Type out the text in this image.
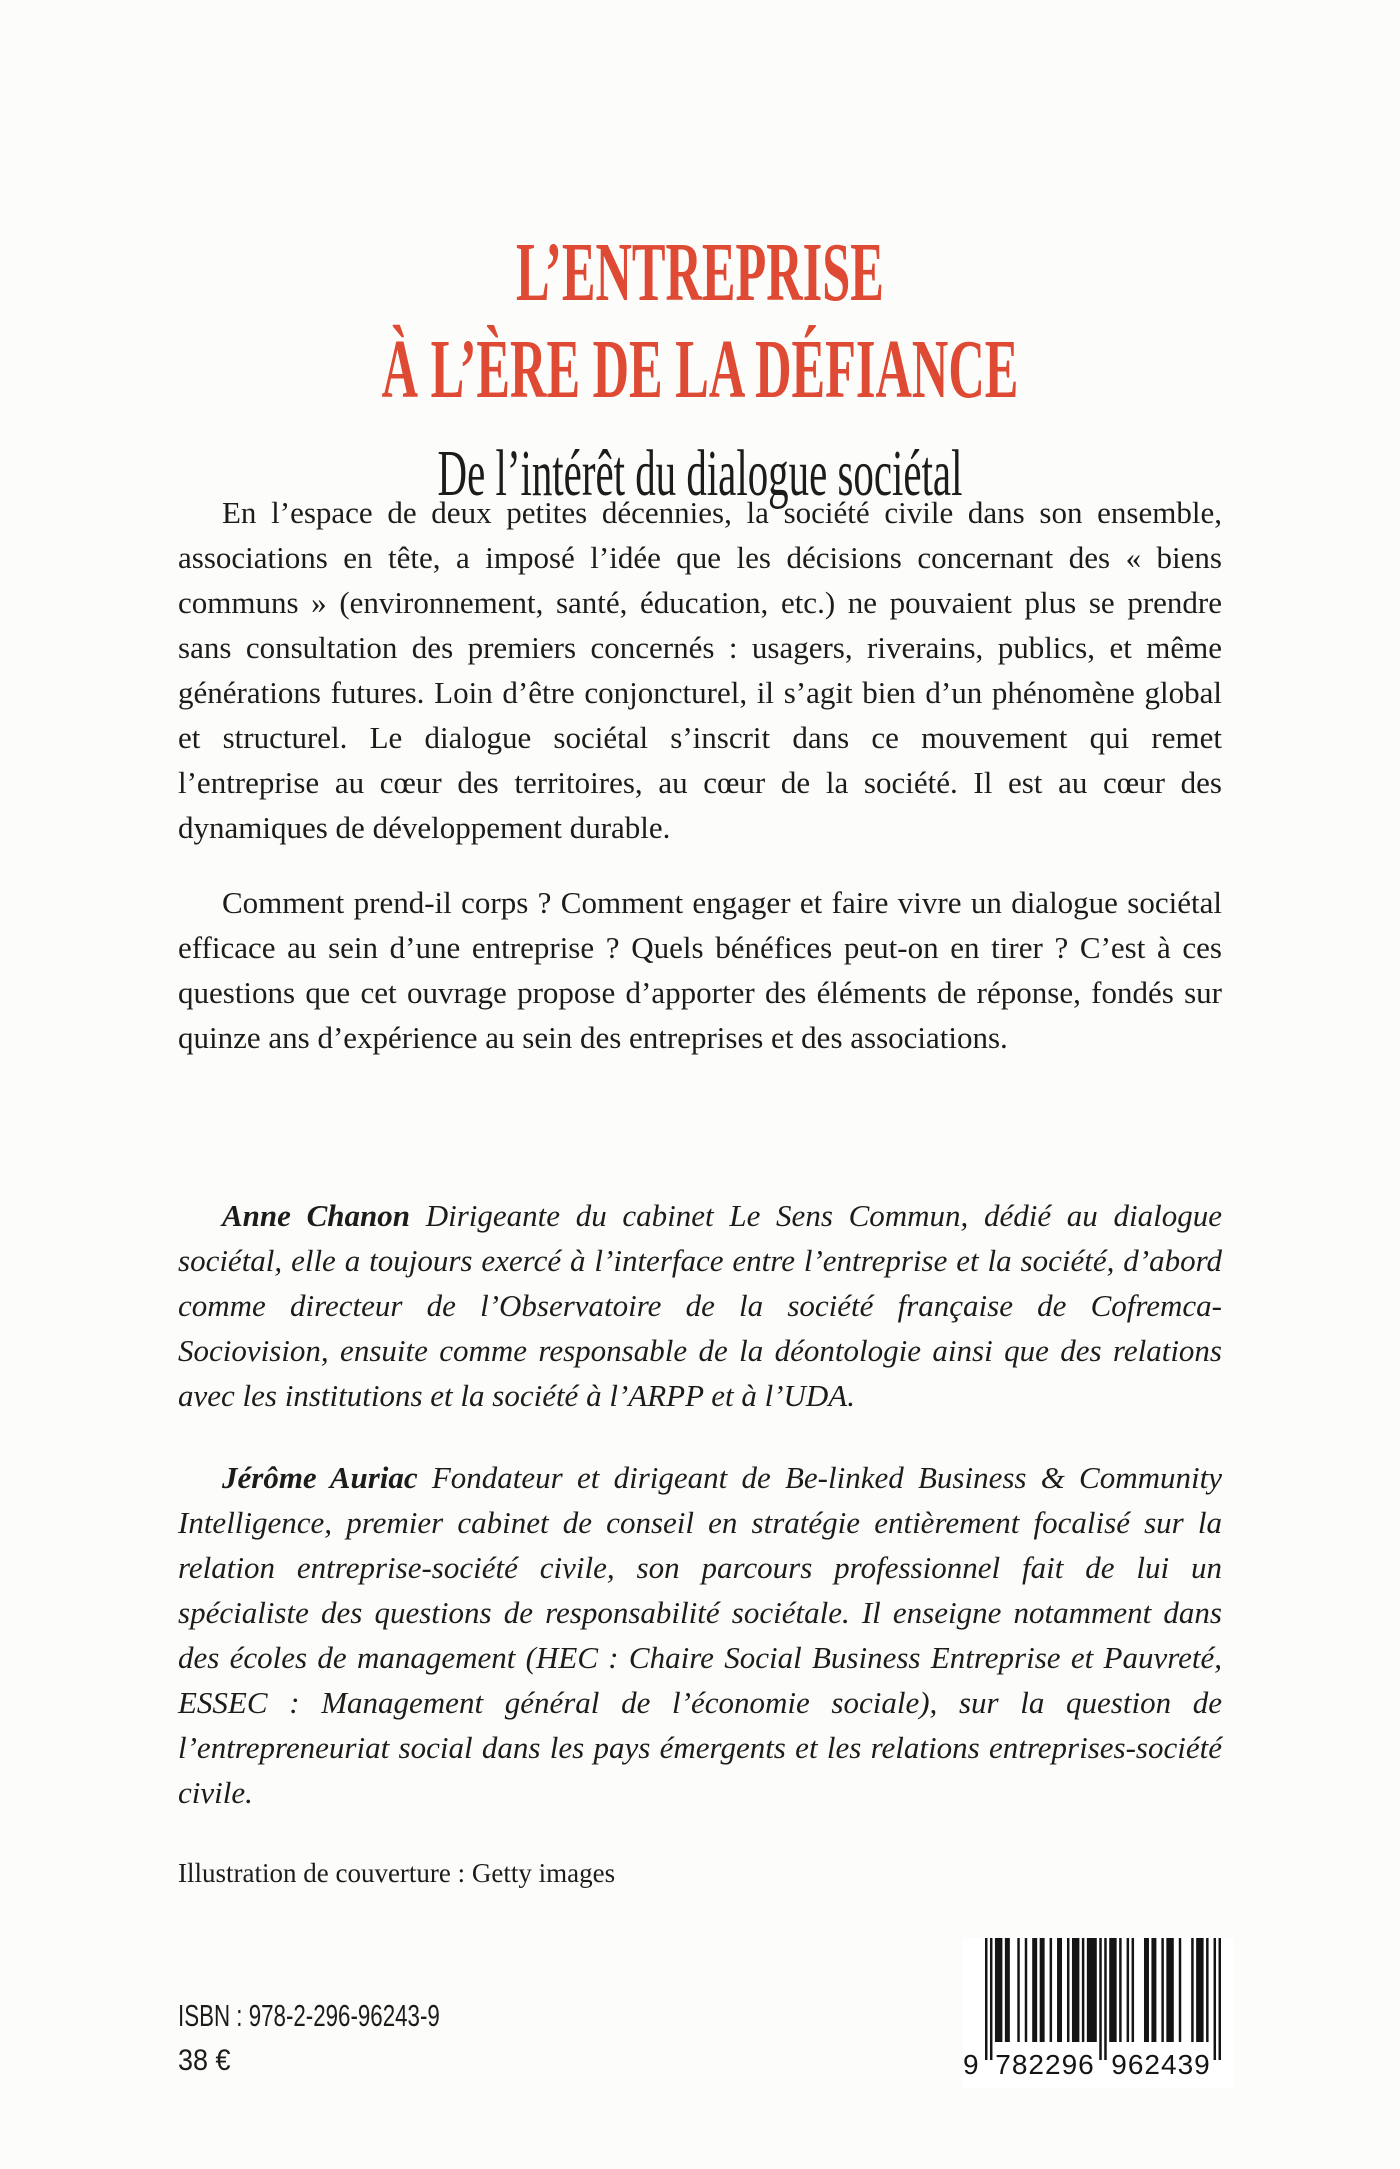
L’ENTREPRISE
À L’ÈRE DE LA DÉFIANCE
De l’intérêt du dialogue sociétal

En l’espace de deux petites décennies, la société civile dans son ensemble, associations en tête, a imposé l’idée que les décisions concernant des « biens communs » (environnement, santé, éducation, etc.) ne pouvaient plus se prendre sans consultation des premiers concernés : usagers, riverains, publics, et même générations futures. Loin d’être conjoncturel, il s’agit bien d’un phénomène global et structurel. Le dialogue sociétal s’inscrit dans ce mouvement qui remet l’entreprise au cœur des territoires, au cœur de la société. Il est au cœur des dynamiques de développement durable.

Comment prend-il corps ? Comment engager et faire vivre un dialogue sociétal efficace au sein d’une entreprise ? Quels bénéfices peut-on en tirer ? C’est à ces questions que cet ouvrage propose d’apporter des éléments de réponse, fondés sur quinze ans d’expérience au sein des entreprises et des associations.

Anne Chanon Dirigeante du cabinet Le Sens Commun, dédié au dialogue sociétal, elle a toujours exercé à l’interface entre l’entreprise et la société, d’abord comme directeur de l’Observatoire de la société française de Cofremca-Sociovision, ensuite comme responsable de la déontologie ainsi que des relations avec les institutions et la société à l’ARPP et à l’UDA.

Jérôme Auriac Fondateur et dirigeant de Be-linked Business & Community Intelligence, premier cabinet de conseil en stratégie entièrement focalisé sur la relation entreprise-société civile, son parcours professionnel fait de lui un spécialiste des questions de responsabilité sociétale. Il enseigne notamment dans des écoles de management (HEC : Chaire Social Business Entreprise et Pauvreté, ESSEC : Management général de l’économie sociale), sur la question de l’entrepreneuriat social dans les pays émergents et les relations entreprises-société civile.

Illustration de couverture : Getty images
ISBN : 978-2-296-96243-9
38 €	9 782296 962439
